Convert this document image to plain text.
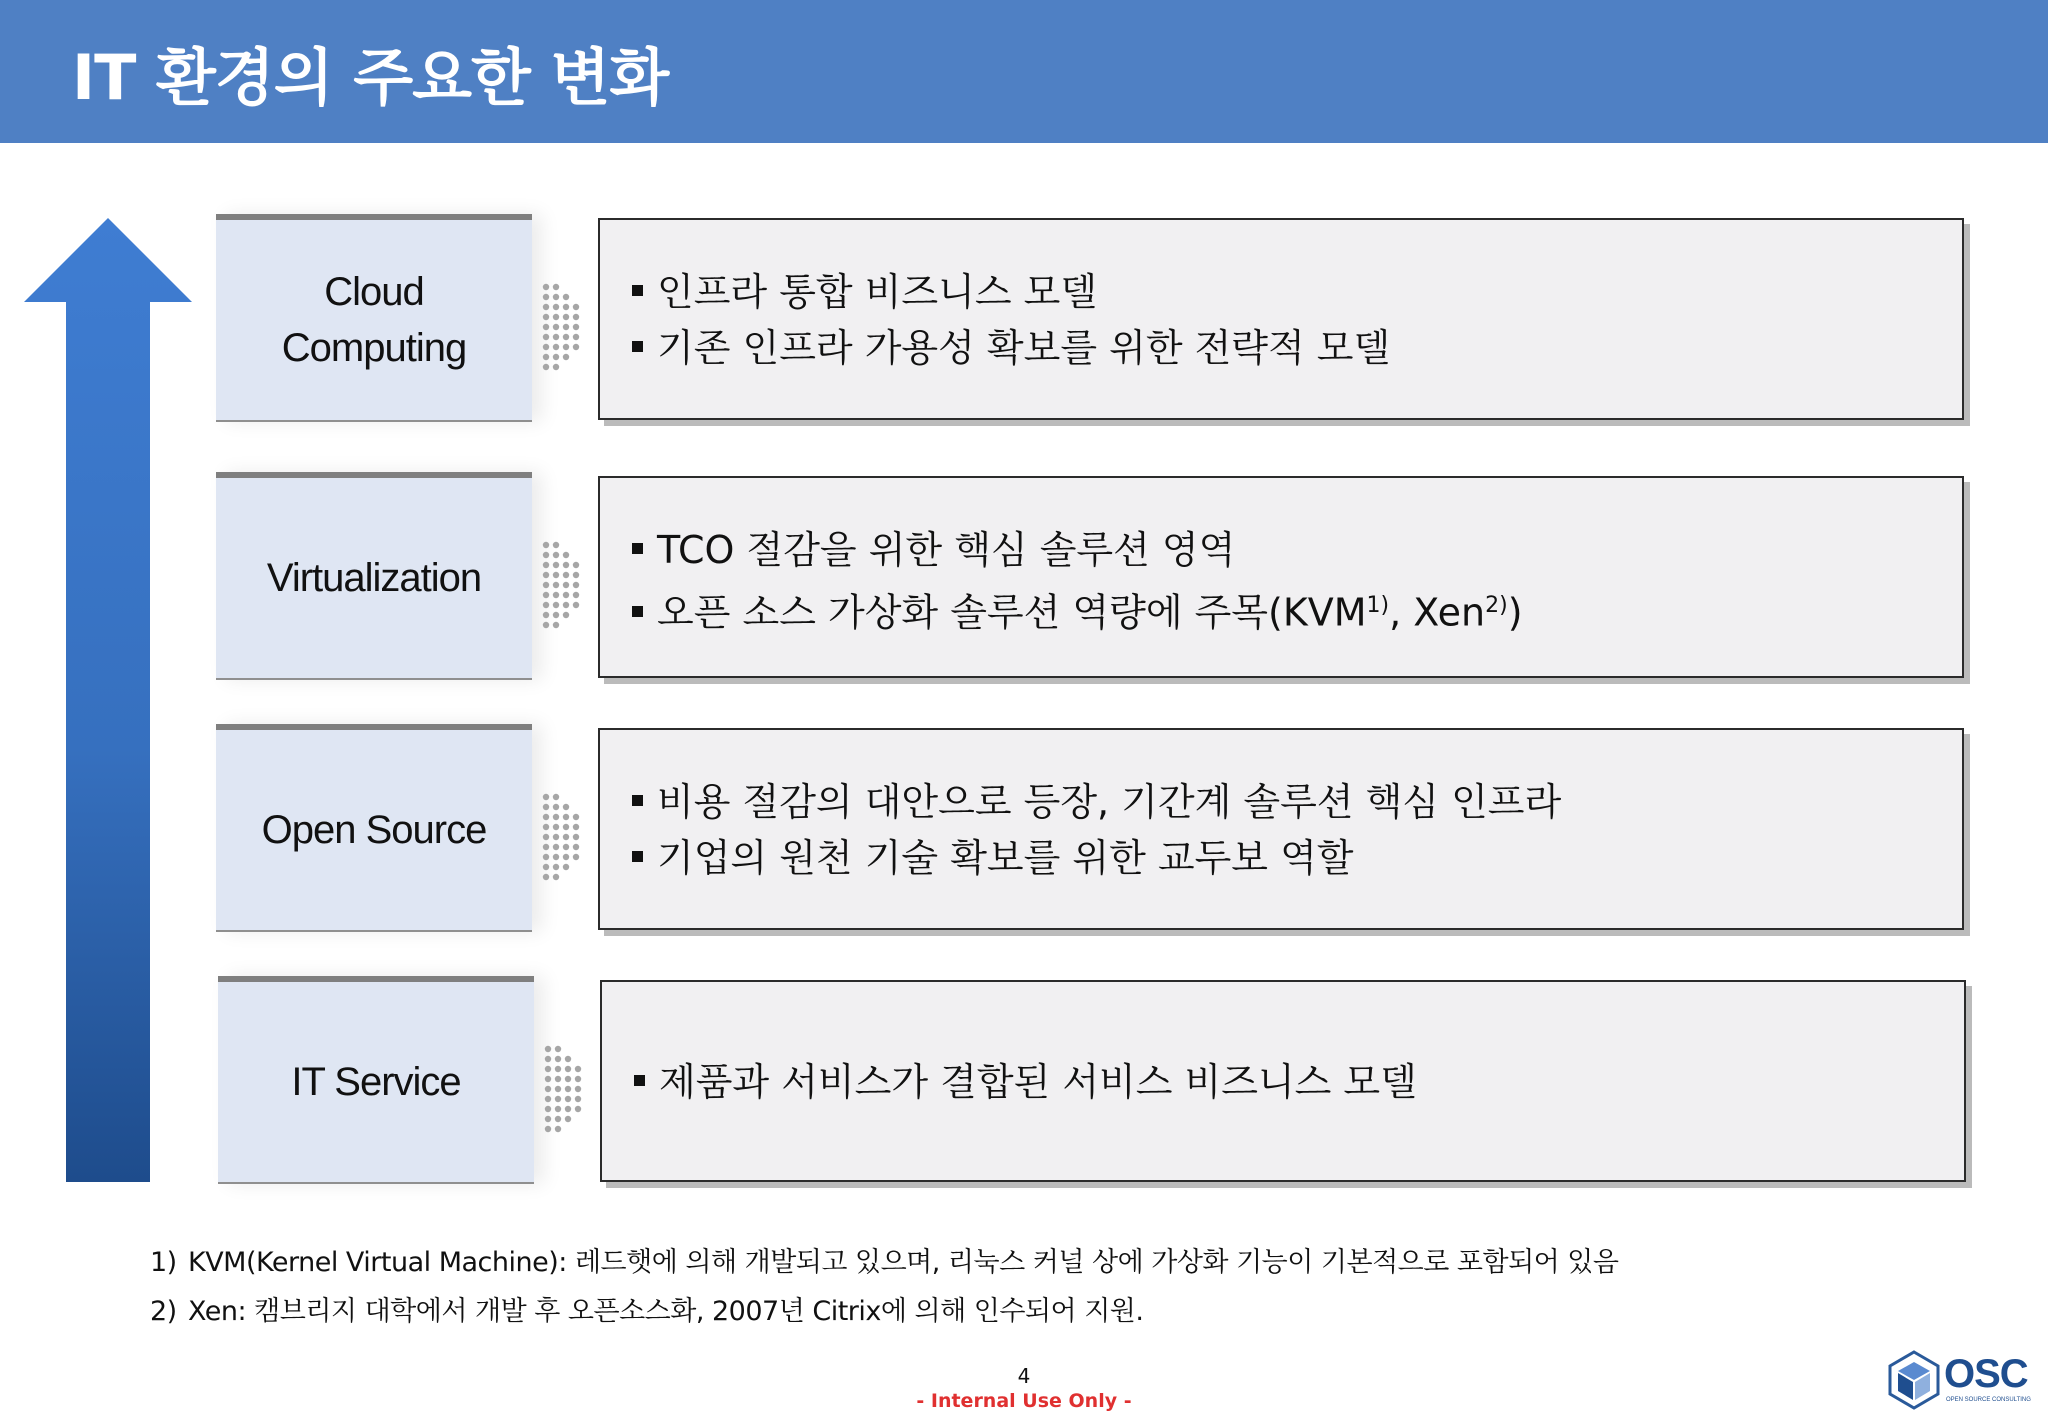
IT 환경의 주요한 변화
Cloud
Computing
인프라 통합 비즈니스 모델
기존 인프라 가용성 확보를 위한 전략적 모델
Virtualization
TCO 절감을 위한 핵심 솔루션 영역
오픈 소스 가상화 솔루션 역량에 주목(KVM$^{1)}$, Xen$^{2)}$)
Open Source
비용 절감의 대안으로 등장, 기간계 솔루션 핵심 인프라
기업의 원천 기술 확보를 위한 교두보 역할
IT Service	제품과 서비스가 결합된 서비스 비즈니스 모델
1) KVM(Kernel Virtual Machine): 레드햇에 의해 개발되고 있으며, 리눅스 커널 상에 가상화 기능이 기본적으로 포함되어 있음
2) Xen: 캠브리지 대학에서 개발 후 오픈소스화, 2007년 Citrix에 의해 인수되어 지원.
4
- Internal Use Only -
OSC
OPEN SOURCE CONSULTING
